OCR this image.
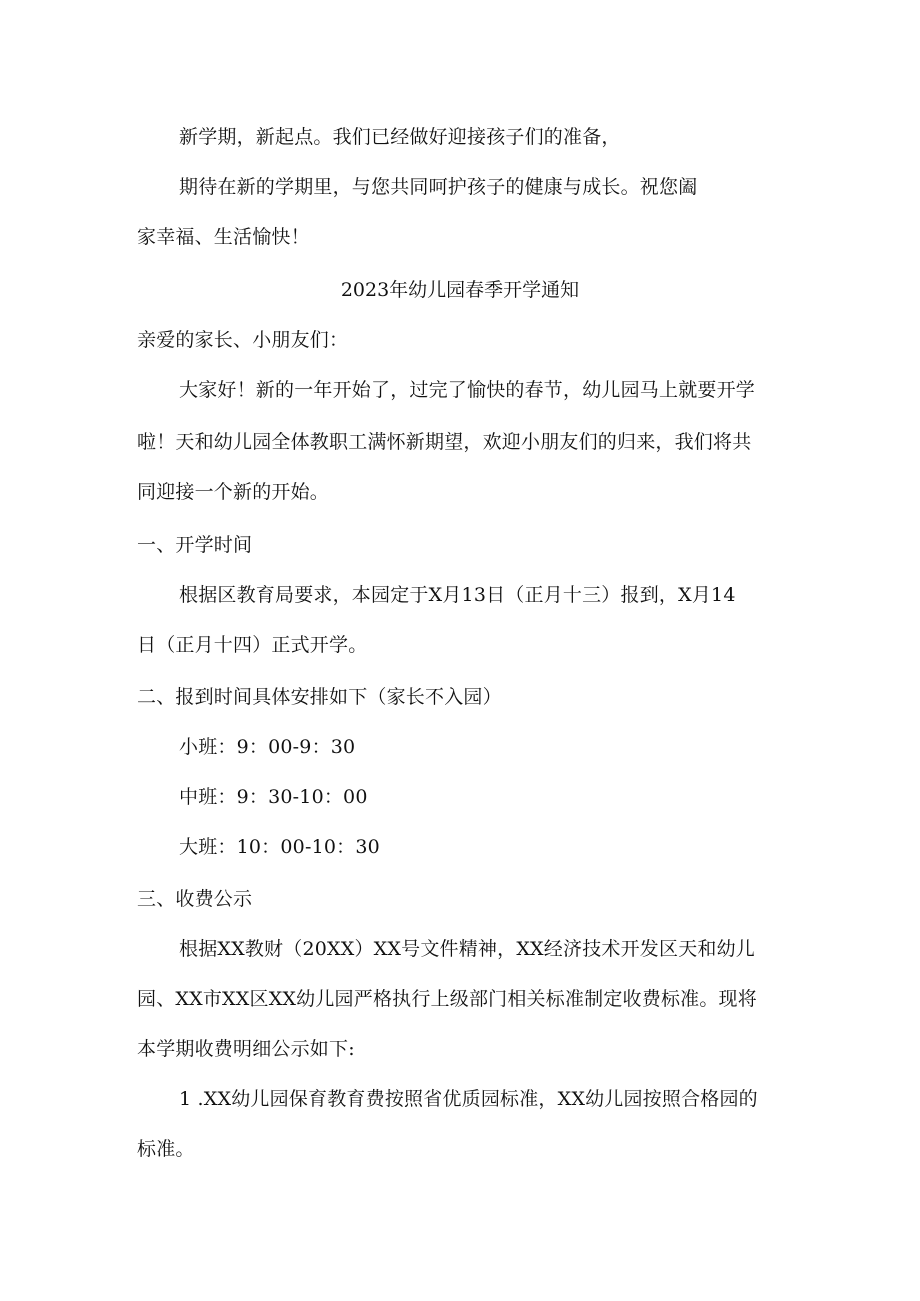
新学期，新起点。我们已经做好迎接孩子们的准备，
期待在新的学期里，与您共同呵护孩子的健康与成长。祝您阖
家幸福、生活愉快！
2023年幼儿园春季开学通知
亲爱的家长、小朋友们：
大家好！新的一年开始了，过完了愉快的春节，幼儿园马上就要开学
啦！天和幼儿园全体教职工满怀新期望，欢迎小朋友们的归来，我们将共
同迎接一个新的开始。
一、开学时间
根据区教育局要求，本园定于X月13日（正月十三）报到，X月14
日（正月十四）正式开学。
二、报到时间具体安排如下（家长不入园）
小班：9：00-9：30
中班：9：30-10：00
大班：10：00-10：30
三、收费公示
根据XX教财（20XX）XX号文件精神，XX经济技术开发区天和幼儿
园、XX市XX区XX幼儿园严格执行上级部门相关标准制定收费标准。现将
本学期收费明细公示如下:
1 .XX幼儿园保育教育费按照省优质园标准，XX幼儿园按照合格园的
标准。
